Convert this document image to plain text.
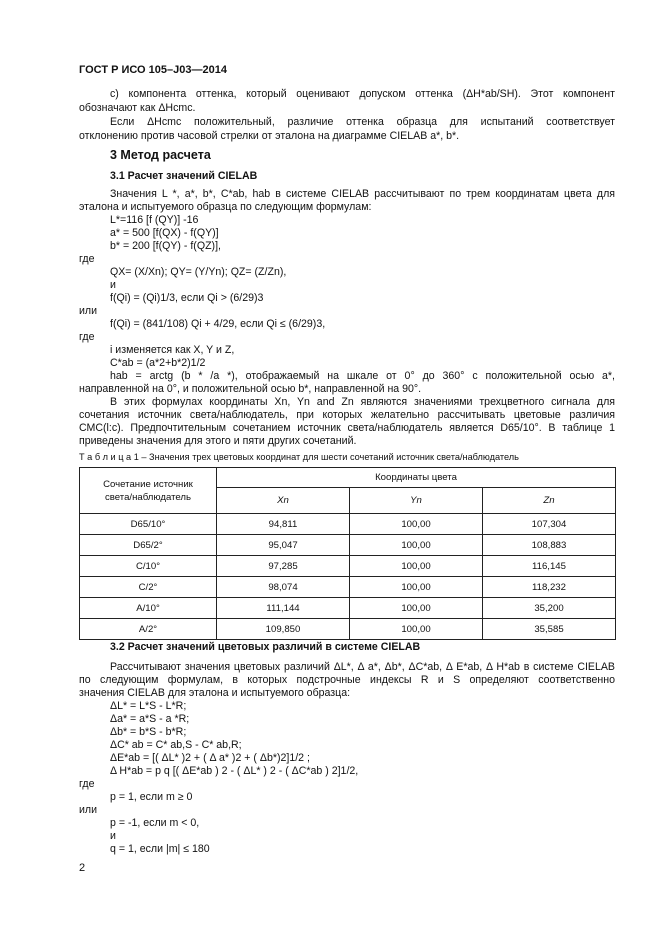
ГОСТ Р ИСО 105–J03—2014
с) компонента оттенка, который оценивают допуском оттенка (ΔH*ab/SH). Этот компонент
обозначают как ΔHcmc.
Если ΔHcmc положительный, различие оттенка образца для испытаний соответствует
отклонению против часовой стрелки от эталона на диаграмме CIELAB a*, b*.
3 Метод расчета
3.1 Расчет значений CIELAB
Значения L *, a*, b*, C*ab, hab в системе CIELAB рассчитывают по трем координатам цвета для
эталона и испытуемого образца по следующим формулам:
L*=116 [f (QY)] -16
a* = 500 [f(QX) - f(QY)]
b* = 200 [f(QY) - f(QZ)],
где
QX= (X/Xn); QY= (Y/Yn); QZ= (Z/Zn),
и
f(Qi) = (Qi)1/3, если Qi > (6/29)3
или
f(Qi) = (841/108) Qi + 4/29, если Qi ≤ (6/29)3,
где
i изменяется как X, Y и Z,
C*ab = (a*2+b*2)1/2
hab = arctg (b * /a *), отображаемый на шкале от 0° до 360° с положительной осью a*,
направленной на 0°, и положительной осью b*, направленной на 90°.
В этих формулах координаты Xn, Yn and Zn являются значениями трехцветного сигнала для
сочетания источник света/наблюдатель, при которых желательно рассчитывать цветовые различия
СМС(l:c). Предпочтительным сочетанием источник света/наблюдатель является D65/10°. В таблице 1
приведены значения для этого и пяти других сочетаний.
Т а б л и ц а 1 – Значения трех цветовых координат для шести сочетаний источник света/наблюдатель
Сочетание источник
света/наблюдатель	Координаты цвета		
	Xn	Yn	Zn
D65/10°	94,811	100,00	107,304
D65/2°	95,047	100,00	108,883
C/10°	97,285	100,00	116,145
C/2°	98,074	100,00	118,232
A/10°	111,144	100,00	35,200
A/2°	109,850	100,00	35,585
3.2 Расчет значений цветовых различий в системе CIELAB
Рассчитывают значения цветовых различий ΔL*, Δ a*, Δb*, ΔC*ab, Δ E*ab, Δ H*ab в системе CIELAB
по следующим формулам, в которых подстрочные индексы R и S определяют соответственно
значения CIELAB для эталона и испытуемого образца:
ΔL* = L*S - L*R;
Δa* = a*S - a *R;
Δb* = b*S - b*R;
ΔC* ab = C* ab,S - C* ab,R;
ΔE*ab = [( ΔL* )2 + ( Δ a* )2 + ( Δb*)2]1/2 ;
Δ H*ab = p q [( ΔE*ab ) 2 - ( ΔL* ) 2 - ( ΔC*ab ) 2]1/2,
где
p = 1, если m ≥ 0
или
p = -1, если m < 0,
и
q = 1, если |m| ≤ 180
2
